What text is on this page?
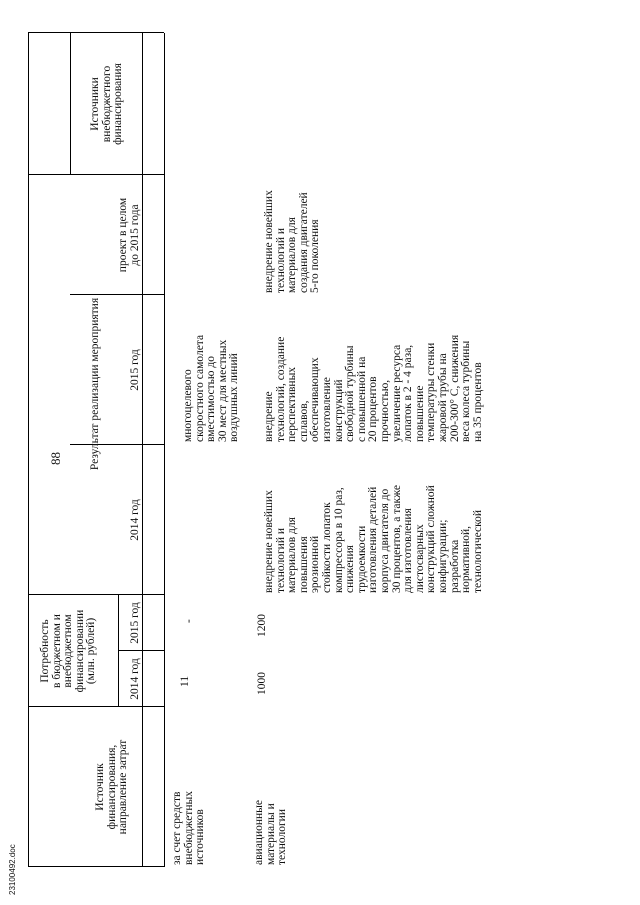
88
23100492.doc
Источник
финансирования,
направление затрат
Потребность
в бюджетном и
внебюджетном
финансировании
(млн. рублей)
2014 год
2015 год
Результат реализации мероприятия
2014 год
2015 год
проект в целом
до 2015 года
Источники
внебюджетного
финансирования
за счет средств
внебюджетных
источников
11
-
многоцелевого
скоростного самолета
вместимостью до
30 мест для местных
воздушных линий
авиационные
материалы и
технологии
1000
1200
внедрение новейших
технологий и
материалов для
повышения
эрозионной
стойкости лопаток
компрессора в 10 раз,
снижения
трудоемкости
изготовления деталей
корпуса двигателя до
30 процентов, а также
для изготовления
листосварных
конструкций сложной
конфигурации;
разработка
нормативной,
технологической
внедрение
технологий, создание
перспективных
сплавов,
обеспечивающих
изготовление
конструкций
свободной турбины
с повышенной на
20 процентов
прочностью,
увеличение ресурса
лопаток в 2 - 4 раза,
повышение
температуры стенки
жаровой трубы на
200-300° С, снижения
веса колеса турбины
на 35 процентов
внедрение новейших
технологий и
материалов для
создания двигателей
5-го поколения
